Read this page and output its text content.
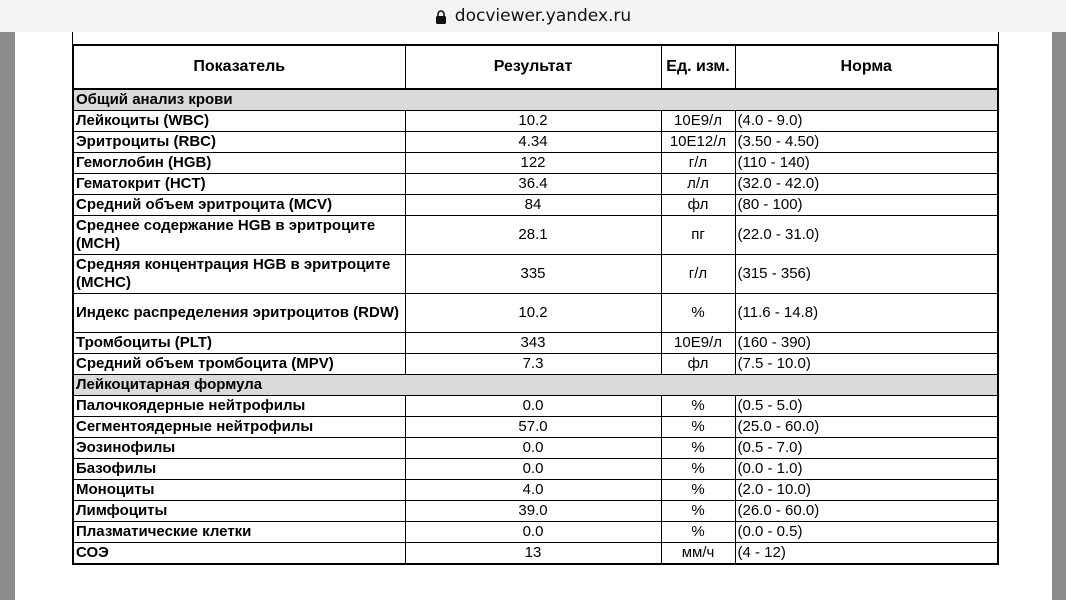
docviewer.yandex.ru
Показатель	Результат	Ед. изм.	Норма
Общий анализ крови			
Лейкоциты (WBC)	10.2	10Е9/л	(4.0 - 9.0)
Эритроциты (RBC)	4.34	10Е12/л	(3.50 - 4.50)
Гемоглобин (HGB)	122	г/л	(110 - 140)
Гематокрит (HCT)	36.4	л/л	(32.0 - 42.0)
Средний объем эритроцита (MCV)	84	фл	(80 - 100)
Среднее содержание HGB в эритроците (MCH)	28.1	пг	(22.0 - 31.0)
Средняя концентрация HGB в эритроците (MCHC)	335	г/л	(315 - 356)
Индекс распределения эритроцитов (RDW)	10.2	%	(11.6 - 14.8)
Тромбоциты (PLT)	343	10Е9/л	(160 - 390)
Средний объем тромбоцита (MPV)	7.3	фл	(7.5 - 10.0)
Лейкоцитарная формула			
Палочкоядерные нейтрофилы	0.0	%	(0.5 - 5.0)
Сегментоядерные нейтрофилы	57.0	%	(25.0 - 60.0)
Эозинофилы	0.0	%	(0.5 - 7.0)
Базофилы	0.0	%	(0.0 - 1.0)
Моноциты	4.0	%	(2.0 - 10.0)
Лимфоциты	39.0	%	(26.0 - 60.0)
Плазматические клетки	0.0	%	(0.0 - 0.5)
СОЭ	13	мм/ч	(4 - 12)
